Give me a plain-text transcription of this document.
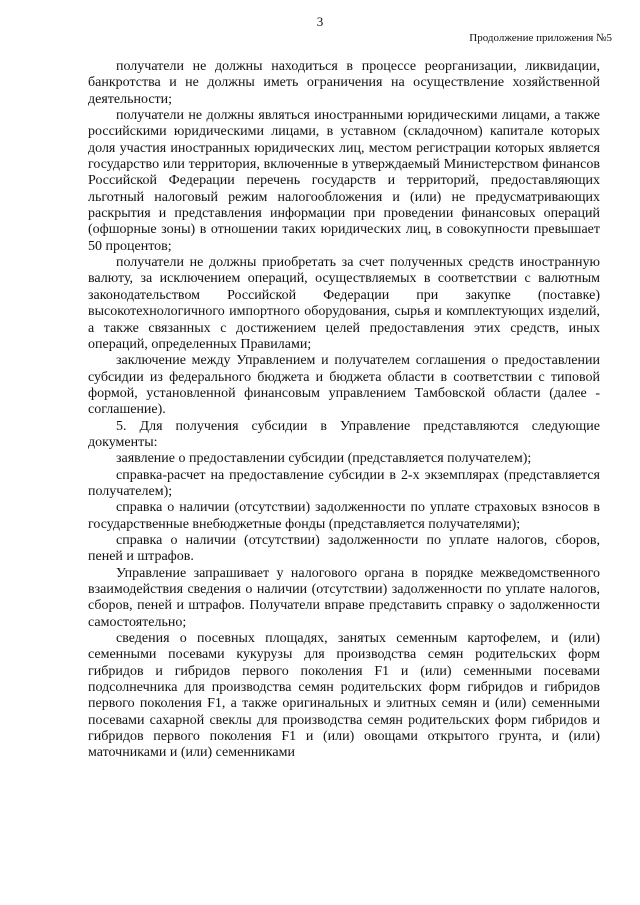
3
Продолжение приложения №5

получатели не должны находиться в процессе реорганизации, ликвидации, банкротства и не должны иметь ограничения на осуществление хозяйственной деятельности;

получатели не должны являться иностранными юридическими лицами, а также российскими юридическими лицами, в уставном (складочном) капитале которых доля участия иностранных юридических лиц, местом регистрации которых является государство или территория, включенные в утверждаемый Министерством финансов Российской Федерации перечень государств и территорий, предоставляющих льготный налоговый режим налогообложения и (или) не предусматривающих раскрытия и представления информации при проведении финансовых операций (офшорные зоны) в отношении таких юридических лиц, в совокупности превышает 50 процентов;

получатели не должны приобретать за счет полученных средств иностранную валюту, за исключением операций, осуществляемых в соответствии с валютным законодательством Российской Федерации при закупке (поставке) высокотехнологичного импортного оборудования, сырья и комплектующих изделий, а также связанных с достижением целей предоставления этих средств, иных операций, определенных Правилами;

заключение между Управлением и получателем соглашения о предоставлении субсидии из федерального бюджета и бюджета области в соответствии с типовой формой, установленной финансовым управлением Тамбовской области (далее - соглашение).

5. Для получения субсидии в Управление представляются следующие документы:

заявление о предоставлении субсидии (представляется получателем);

справка-расчет на предоставление субсидии в 2-х экземплярах (представляется получателем);

справка о наличии (отсутствии) задолженности по уплате страховых взносов в государственные внебюджетные фонды (представляется получателями);

справка о наличии (отсутствии) задолженности по уплате налогов, сборов, пеней и штрафов.

Управление запрашивает у налогового органа в порядке межведомственного взаимодействия сведения о наличии (отсутствии) задолженности по уплате налогов, сборов, пеней и штрафов. Получатели вправе представить справку о задолженности самостоятельно;

сведения о посевных площадях, занятых семенным картофелем, и (или) семенными посевами кукурузы для производства семян родительских форм гибридов и гибридов первого поколения F1 и (или) семенными посевами подсолнечника для производства семян родительских форм гибридов и гибридов первого поколения F1, а также оригинальных и элитных семян и (или) семенными посевами сахарной свеклы для производства семян родительских форм гибридов и гибридов первого поколения F1 и (или) овощами открытого грунта, и (или) маточниками и (или) семенниками
